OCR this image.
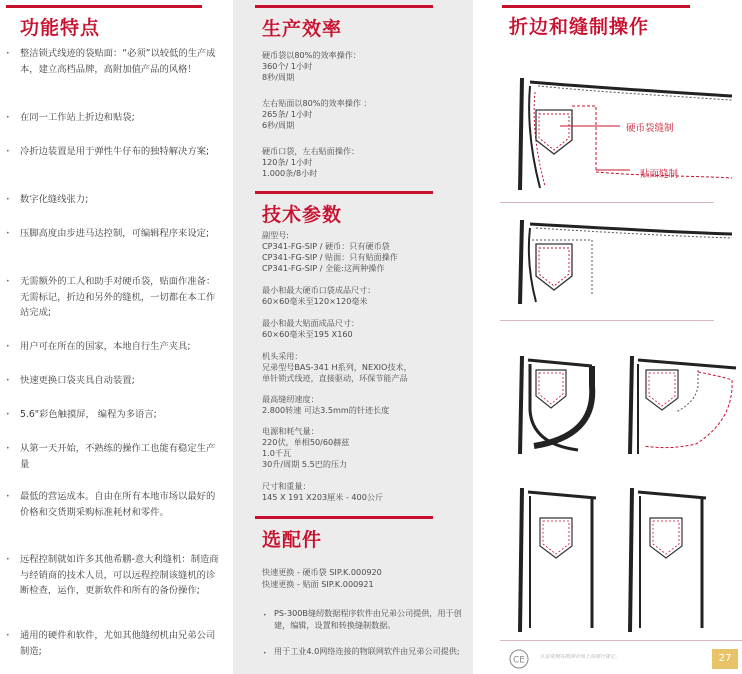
功能特点
• 整洁锁式线迹的袋贴面：“必须”以较低的生产成本，建立高档品牌，高附加值产品的风格！
• 在同一工作站上折边和贴袋;
• 冷折边装置是用于弹性牛仔布的独特解决方案;
• 数字化缝线张力;
• 压脚高度由步进马达控制，可编辑程序来设定;
• 无需额外的工人和助手对硬币袋，贴面作准备：无需标记，折边和另外的缝机，一切都在本工作站完成;
• 用户可在所在的国家，本地自行生产夹具;
• 快速更换口袋夹具自动装置;
• 5.6"彩色触摸屏， 编程为多语言;
• 从第一天开始，不熟练的操作工也能有稳定生产量
• 最低的营运成本。自由在所有本地市场以最好的价格和交货期采购标准耗材和零件。
• 远程控制就如许多其他希鹏-意大利缝机：制造商与经销商的技术人员，可以远程控制该缝机的诊断检查，运作，更新软件和所有的备份操作;
• 通用的硬件和软件，尤如其他缝纫机由兄弟公司制造;
生产效率
硬币袋以80%的效率操作：
360个/ 1小时
8秒/周期
左右贴面以80%的效率操作 ：
265条/ 1小时
6秒/周期
硬币口袋，左右贴面操作：
120条/ 1小时
1.000条/8小时
技术参数
副型号:
CP341-FG-SIP / 硬币：只有硬币袋
CP341-FG-SIP / 贴面：只有贴面操作
CP341-FG-SIP / 全能:这两种操作
最小和最大硬币口袋成品尺寸：
60×60毫米至120×120毫米
最小和最大贴面成品尺寸：
60×60毫米至195 X160
机头采用：
兄弟型号BAS-341 H系列，NEXIO技术，
单针锁式线迹，直接驱动，环保节能产品
最高缝纫速度：
2.800转速 可达3.5mm的针迹长度
电源和耗气量：
220伏，单相50/60赫兹
1.0千瓦
30升/周期 5.5巴的压力
尺寸和重量：
145 X 191 X203厘米 - 400公斤
选配件
快速更换 - 硬币袋 SIP.K.000920
快速更换 - 贴面 SIP.K.000921
• PS-300B缝纫数据程序软件由兄弟公司提供，用于创建，编辑，设置和转换缝制数据。
• 用于工业4.0网络连接的物联网软件由兄弟公司提供;
折边和缝制操作
硬币袋缝制
贴面缝制
CE	认证依照在欧洲市场上的现行规定。	27
